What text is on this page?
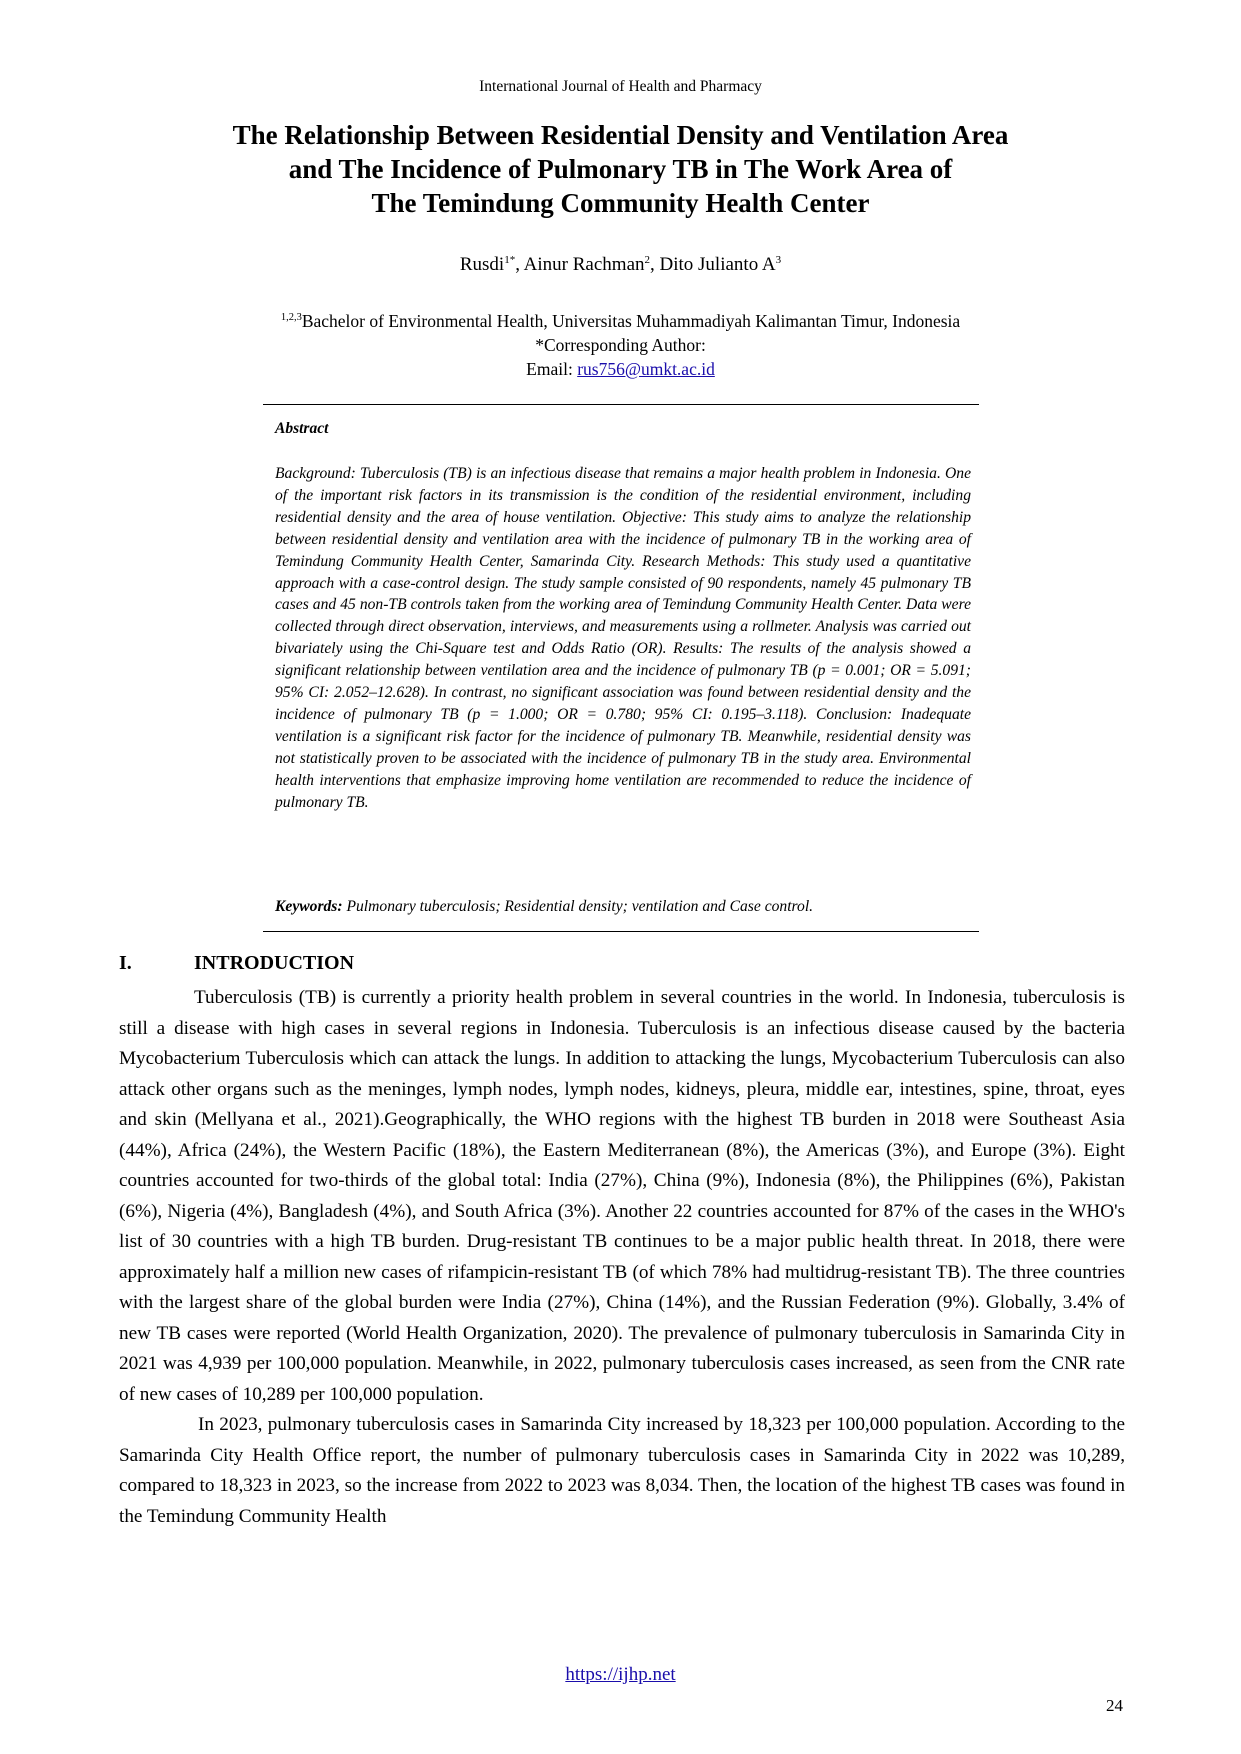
International Journal of Health and Pharmacy
The Relationship Between Residential Density and Ventilation Area
and The Incidence of Pulmonary TB in The Work Area of
The Temindung Community Health Center
Rusdi$^{1*}$, Ainur Rachman$^2$, Dito Julianto $A^3$
$^{1,2,3}$Bachelor of Environmental Health, Universitas Muhammadiyah Kalimantan Timur, Indonesia
*Corresponding Author:
Email: rus756@umkt.ac.id
Abstract
Background: Tuberculosis (TB) is an infectious disease that remains a major health problem in Indonesia. One of the important risk factors in its transmission is the condition of the residential environment, including residential density and the area of house ventilation. Objective: This study aims to analyze the relationship between residential density and ventilation area with the incidence of pulmonary TB in the working area of Temindung Community Health Center, Samarinda City. Research Methods: This study used a quantitative approach with a case-control design. The study sample consisted of 90 respondents, namely 45 pulmonary TB cases and 45 non-TB controls taken from the working area of Temindung Community Health Center. Data were collected through direct observation, interviews, and measurements using a rollmeter. Analysis was carried out bivariately using the Chi-Square test and Odds Ratio (OR). Results: The results of the analysis showed a significant relationship between ventilation area and the incidence of pulmonary TB (p = 0.001; OR = 5.091; 95% CI: 2.052–12.628). In contrast, no significant association was found between residential density and the incidence of pulmonary TB (p = 1.000; OR = 0.780; 95% CI: 0.195–3.118). Conclusion: Inadequate ventilation is a significant risk factor for the incidence of pulmonary TB. Meanwhile, residential density was not statistically proven to be associated with the incidence of pulmonary TB in the study area. Environmental health interventions that emphasize improving home ventilation are recommended to reduce the incidence of pulmonary TB.
Keywords: Pulmonary tuberculosis; Residential density; ventilation and Case control.
I.	INTRODUCTION

Tuberculosis (TB) is currently a priority health problem in several countries in the world. In Indonesia, tuberculosis is still a disease with high cases in several regions in Indonesia. Tuberculosis is an infectious disease caused by the bacteria Mycobacterium Tuberculosis which can attack the lungs. In addition to attacking the lungs, Mycobacterium Tuberculosis can also attack other organs such as the meninges, lymph nodes, lymph nodes, kidneys, pleura, middle ear, intestines, spine, throat, eyes and skin (Mellyana et al., 2021).Geographically, the WHO regions with the highest TB burden in 2018 were Southeast Asia (44%), Africa (24%), the Western Pacific (18%), the Eastern Mediterranean (8%), the Americas (3%), and Europe (3%). Eight countries accounted for two-thirds of the global total: India (27%), China (9%), Indonesia (8%), the Philippines (6%), Pakistan (6%), Nigeria (4%), Bangladesh (4%), and South Africa (3%). Another 22 countries accounted for 87% of the cases in the WHO's list of 30 countries with a high TB burden. Drug-resistant TB continues to be a major public health threat. In 2018, there were approximately half a million new cases of rifampicin-resistant TB (of which 78% had multidrug-resistant TB). The three countries with the largest share of the global burden were India (27%), China (14%), and the Russian Federation (9%). Globally, 3.4% of new TB cases were reported (World Health Organization, 2020). The prevalence of pulmonary tuberculosis in Samarinda City in 2021 was 4,939 per 100,000 population. Meanwhile, in 2022, pulmonary tuberculosis cases increased, as seen from the CNR rate of new cases of 10,289 per 100,000 population.

In 2023, pulmonary tuberculosis cases in Samarinda City increased by 18,323 per 100,000 population. According to the Samarinda City Health Office report, the number of pulmonary tuberculosis cases in Samarinda City in 2022 was 10,289, compared to 18,323 in 2023, so the increase from 2022 to 2023 was 8,034. Then, the location of the highest TB cases was found in the Temindung Community Health

https://ijhp.net
24
